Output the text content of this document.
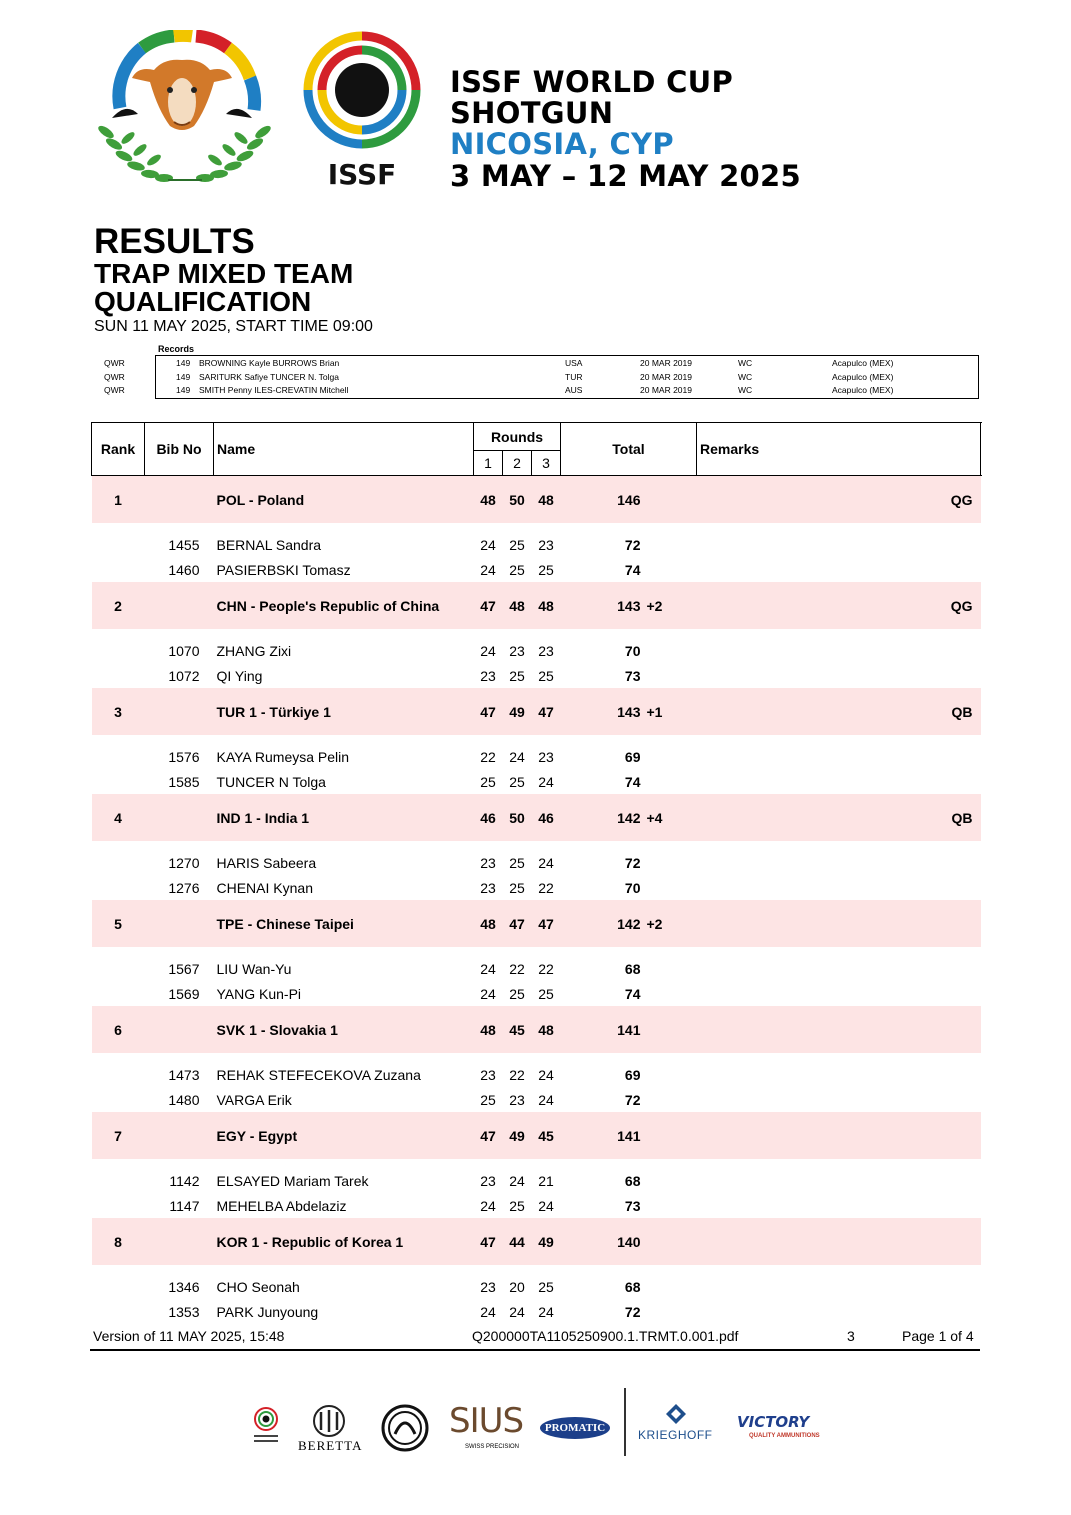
ISSF
ISSF WORLD CUP
SHOTGUN
NICOSIA, CYP
3 MAY – 12 MAY 2025
RESULTS
TRAP MIXED TEAM
QUALIFICATION
SUN 11 MAY 2025, START TIME 09:00
Records
QWR	149 BROWNING Kayle BURROWS Brian	USA	20 MAR 2019	WC	Acapulco (MEX)
QWR	149 SARITURK Safiye TUNCER N. Tolga	TUR	20 MAR 2019	WC	Acapulco (MEX)
QWR	149 SMITH Penny ILES-CREVATIN Mitchell	AUS	20 MAR 2019	WC	Acapulco (MEX)
Rank	Bib No	Name	Rounds			Total		Remarks	
			1	2	3				
1		POL - Poland	48	50	48	146		QG	

	1455	BERNAL Sandra	24	25	23	72			
	1460	PASIERBSKI Tomasz	24	25	25	74			

2		CHN - People's Republic of China	47	48	48	143	+2	QG	

	1070	ZHANG Zixi	24	23	23	70			
	1072	QI Ying	23	25	25	73			

3		TUR 1 - Türkiye 1	47	49	47	143	+1	QB	

	1576	KAYA Rumeysa Pelin	22	24	23	69			
	1585	TUNCER N Tolga	25	25	24	74			

4		IND 1 - India 1	46	50	46	142	+4	QB	

	1270	HARIS Sabeera	23	25	24	72			
	1276	CHENAI Kynan	23	25	22	70			

5		TPE - Chinese Taipei	48	47	47	142	+2		

	1567	LIU Wan-Yu	24	22	22	68			
	1569	YANG Kun-Pi	24	25	25	74			

6		SVK 1 - Slovakia 1	48	45	48	141			

	1473	REHAK STEFECEKOVA Zuzana	23	22	24	69			
	1480	VARGA Erik	25	23	24	72			

7		EGY - Egypt	47	49	45	141			

	1142	ELSAYED Mariam Tarek	23	24	21	68			
	1147	MEHELBA Abdelaziz	24	25	24	73			

8		KOR 1 - Republic of Korea 1	47	44	49	140			

	1346	CHO Seonah	23	20	25	68			
	1353	PARK Junyoung	24	24	24	72			

Version of 11 MAY 2025, 15:48	Q200000TA1105250900.1.TRMT.0.001.pdf	3	Page 1 of 4
BERETTA
SIUS
SWISS PRECISION
PROMATIC	KRIEGHOFF
VICTORY
QUALITY AMMUNITIONS
